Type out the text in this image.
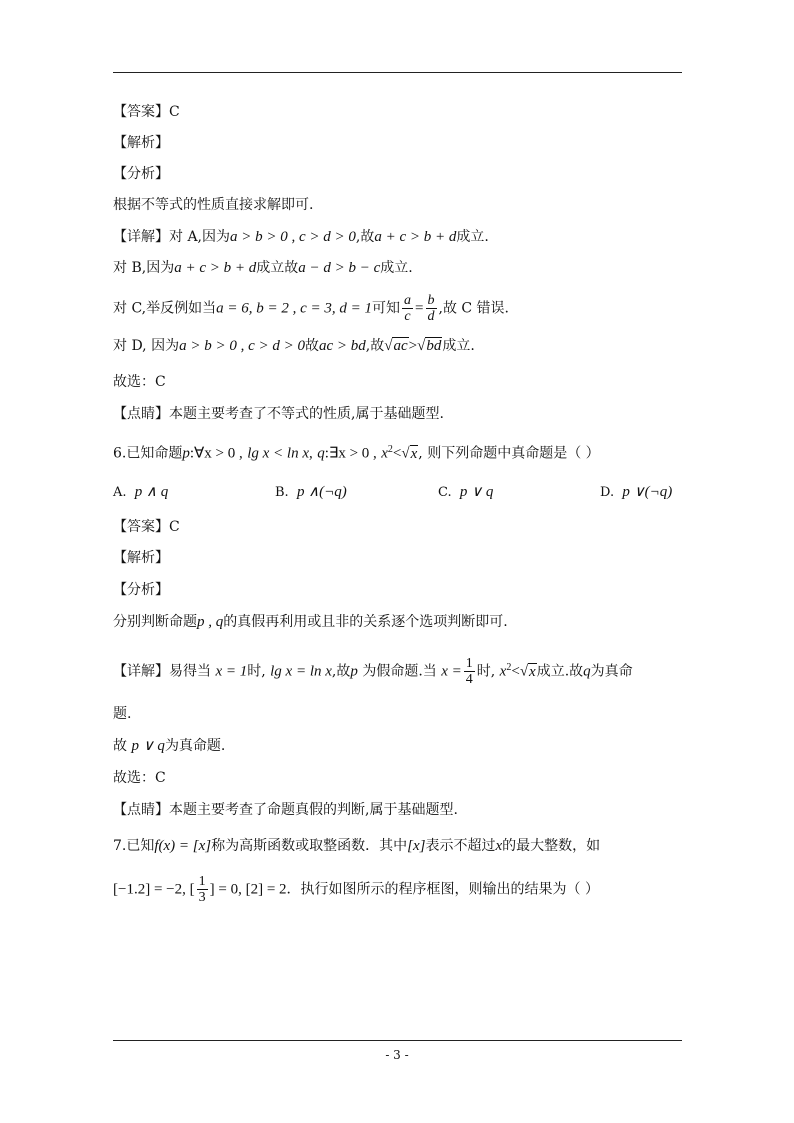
【答案】C
【解析】
【分析】
根据不等式的性质直接求解即可.
【详解】对 A,因为a > b > 0 , c > d > 0,故a + c > b + d成立.
对 B,因为a + c > b + d成立故a − d > b − c成立.
对 C,举反例如当a = 6, b = 2 , c = 3, d = 1可知 $\frac{a}{c} = \frac{b}{d}$ ,故 C 错误.
对 D, 因为a > b > 0 , c > d > 0故ac > bd,故√ac>√bd成立.
故选：C
【点睛】本题主要考查了不等式的性质,属于基础题型.
6.已知命题p:∀x > 0 , lg x < ln x, q:∃x > 0 , $x^2<√x$, 则下列命题中真命题是（ ）
A. p ∧ q	B. p ∧(¬q)	C. p ∨ q	D. p ∨(¬q)
【答案】C
【解析】
【分析】
分别判断命题p , q的真假再利用或且非的关系逐个选项判断即可.
【详解】易得当 x = 1时, lg x = ln x,故p 为假命题.当 $x = \frac{1}{4}$ 时, $x^2<√x$成立.故q为真命
题.
故 p ∨ q为真命题.
故选：C
【点睛】本题主要考查了命题真假的判断,属于基础题型.
7.已知f(x) = [x]称为高斯函数或取整函数．其中[x]表示不超过x的最大整数，如
[−1.2] = −2, [ $\frac{1}{3}$ ] = 0, [2] = 2．执行如图所示的程序框图，则输出的结果为（ ）
- 3 -
